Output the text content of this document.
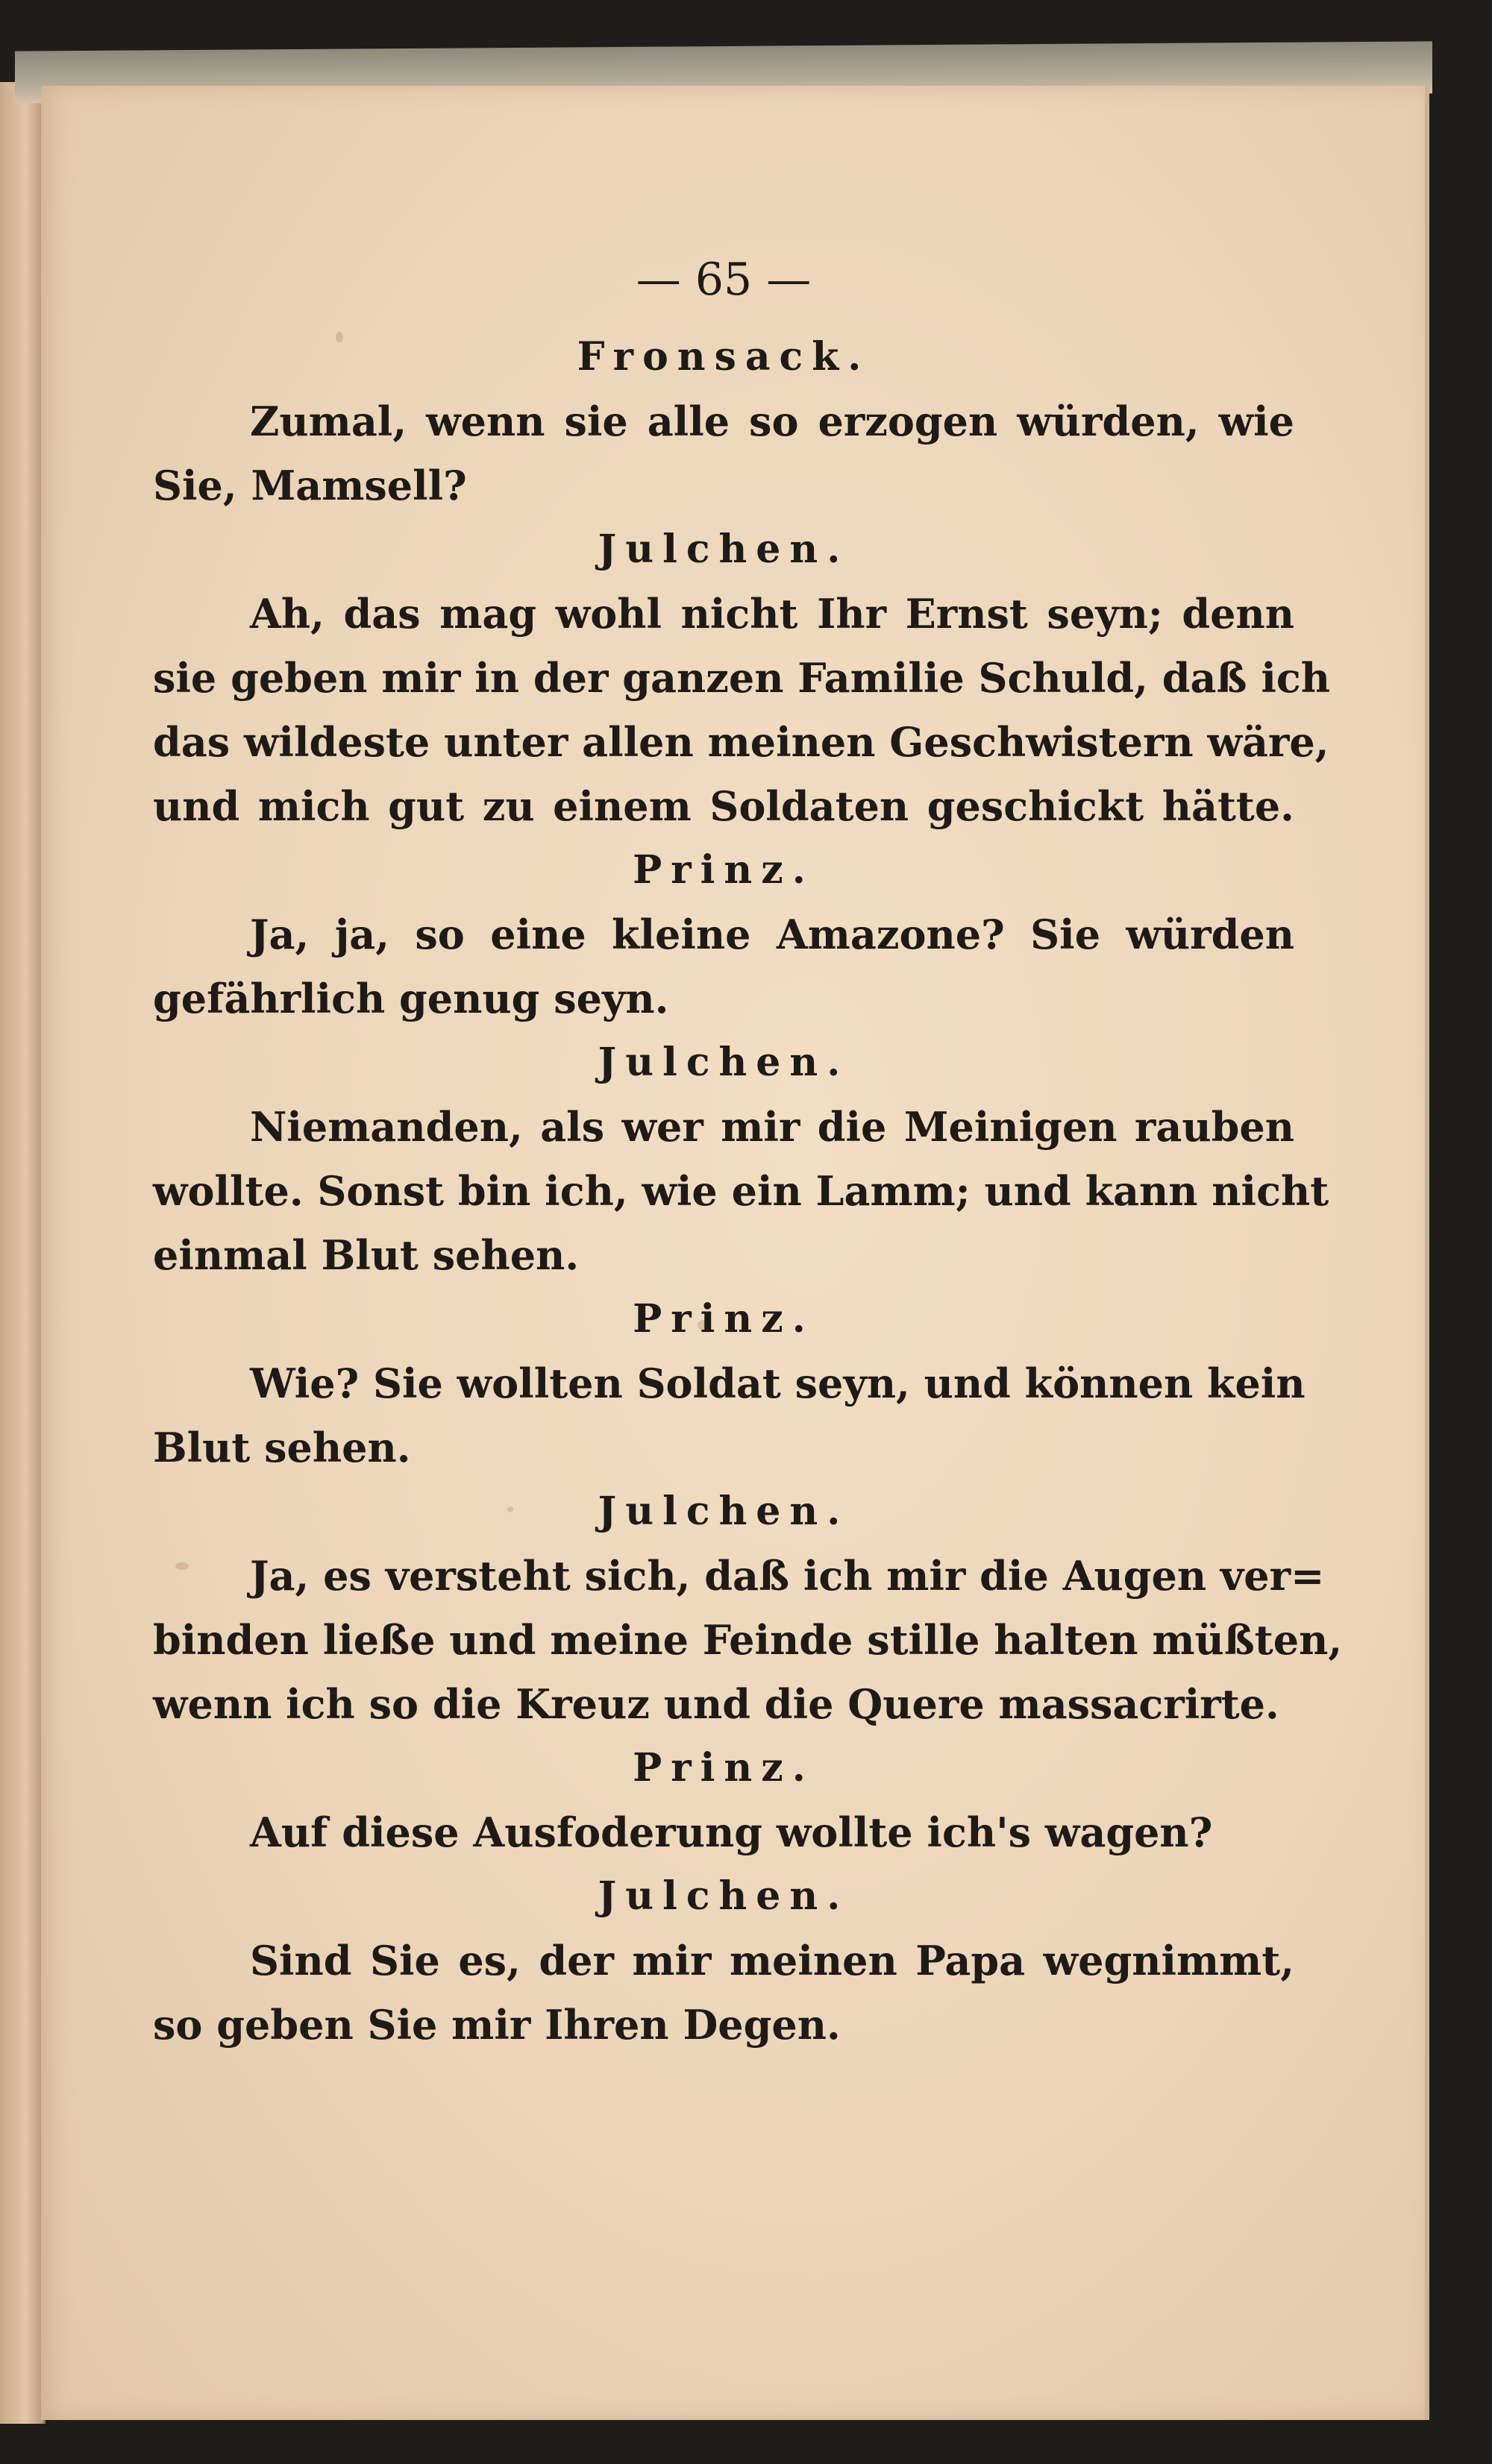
— 65 —
Fronsack.
Zumal, wenn sie alle so erzogen würden, wie
Sie, Mamsell?
Julchen.
Ah, das mag wohl nicht Ihr Ernst seyn; denn
sie geben mir in der ganzen Familie Schuld, daß ich
das wildeste unter allen meinen Geschwistern wäre,
und mich gut zu einem Soldaten geschickt hätte.
Prinz.
Ja, ja, so eine kleine Amazone? Sie würden
gefährlich genug seyn.
Julchen.
Niemanden, als wer mir die Meinigen rauben
wollte. Sonst bin ich, wie ein Lamm; und kann nicht
einmal Blut sehen.
Prinz.
Wie? Sie wollten Soldat seyn, und können kein
Blut sehen.
Julchen.
Ja, es versteht sich, daß ich mir die Augen ver=
binden ließe und meine Feinde stille halten müßten,
wenn ich so die Kreuz und die Quere massacrirte.
Prinz.
Auf diese Ausfoderung wollte ich's wagen?
Julchen.
Sind Sie es, der mir meinen Papa wegnimmt,
so geben Sie mir Ihren Degen.
